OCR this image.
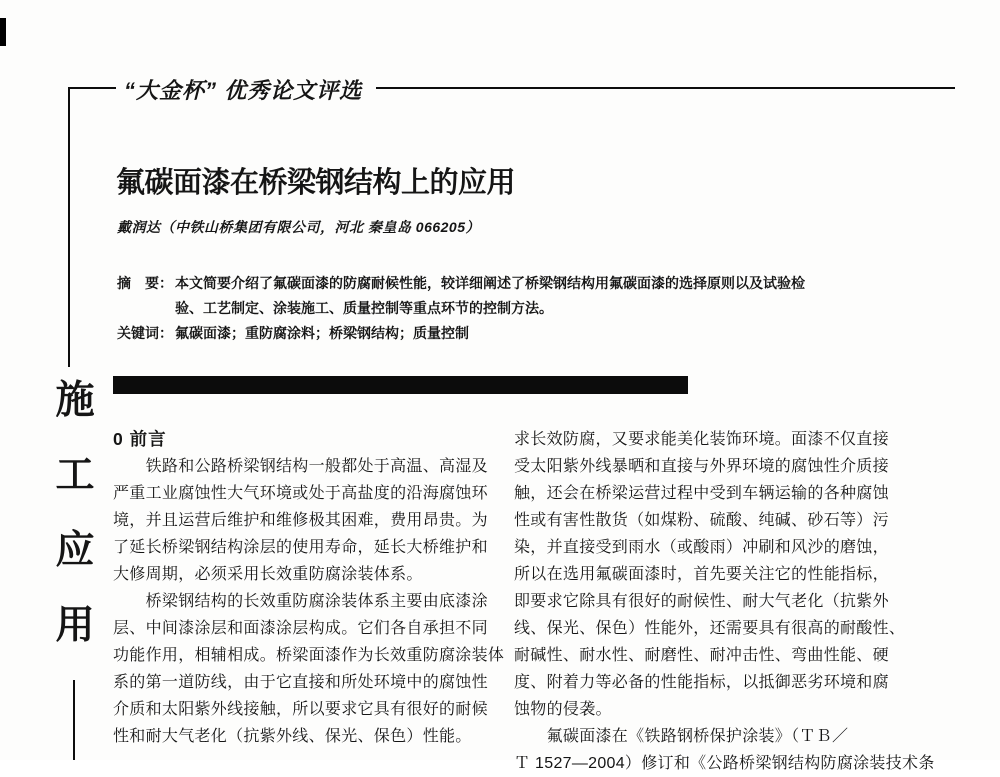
“大金杯” 优秀论文评选
氟碳面漆在桥梁钢结构上的应用
戴润达（中铁山桥集团有限公司，河北 秦皇岛 066205）
摘　要： 本文简要介绍了氟碳面漆的防腐耐候性能，较详细阐述了桥梁钢结构用氟碳面漆的选择原则以及试验检
验、工艺制定、涂装施工、质量控制等重点环节的控制方法。
关键词： 氟碳面漆；重防腐涂料；桥梁钢结构；质量控制
施
工
应
用
0 前言
　　铁路和公路桥梁钢结构一般都处于高温、高湿及
严重工业腐蚀性大气环境或处于高盐度的沿海腐蚀环
境，并且运营后维护和维修极其困难，费用昂贵。为
了延长桥梁钢结构涂层的使用寿命，延长大桥维护和
大修周期，必须采用长效重防腐涂装体系。
　　桥梁钢结构的长效重防腐涂装体系主要由底漆涂
层、中间漆涂层和面漆涂层构成。它们各自承担不同
功能作用，相辅相成。桥梁面漆作为长效重防腐涂装体
系的第一道防线，由于它直接和所处环境中的腐蚀性
介质和太阳紫外线接触，所以要求它具有很好的耐候
性和耐大气老化（抗紫外线、保光、保色）性能。
求长效防腐，又要求能美化装饰环境。面漆不仅直接
受太阳紫外线暴晒和直接与外界环境的腐蚀性介质接
触，还会在桥梁运营过程中受到车辆运输的各种腐蚀
性或有害性散货（如煤粉、硫酸、纯碱、砂石等）污
染，并直接受到雨水（或酸雨）冲刷和风沙的磨蚀，
所以在选用氟碳面漆时，首先要关注它的性能指标，
即要求它除具有很好的耐候性、耐大气老化（抗紫外
线、保光、保色）性能外，还需要具有很高的耐酸性、
耐碱性、耐水性、耐磨性、耐冲击性、弯曲性能、硬
度、附着力等必备的性能指标，以抵御恶劣环境和腐
蚀物的侵袭。
　　氟碳面漆在《铁路钢桥保护涂装》（ＴＢ／
Ｔ 1527—2004）修订和《公路桥梁钢结构防腐涂装技术条
